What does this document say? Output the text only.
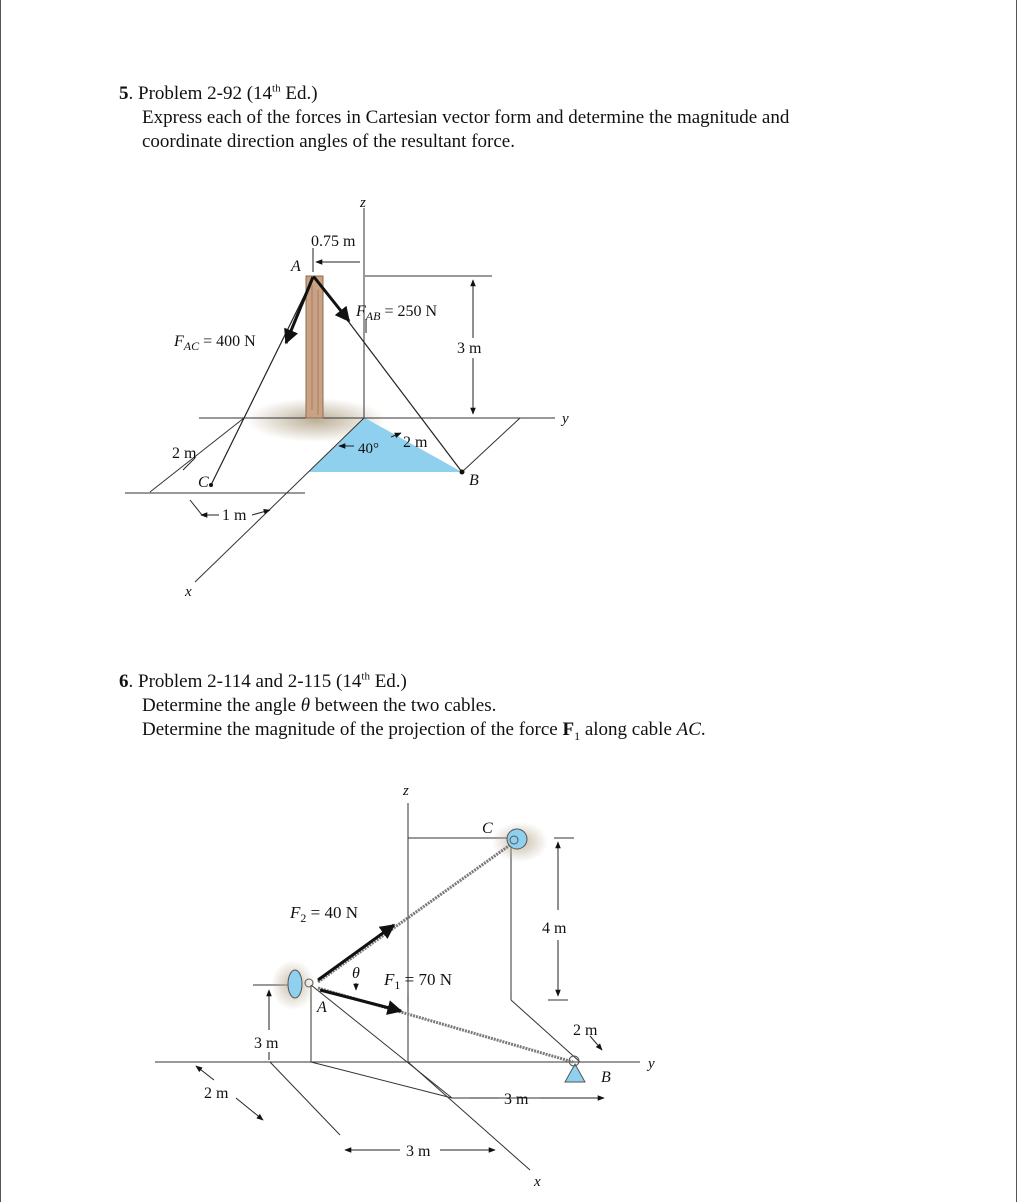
5. Problem 2-92 (14th Ed.)

Express each of the forces in Cartesian vector form and determine the magnitude and

coordinate direction angles of the resultant force.

z
y
x
0.75 m
A
$F_{AB} = 250$ N
$F_{AC} = 400$ N	3 m
2 m	40° 2 m
C	B
1 m

6. Problem 2-114 and 2-115 (14th Ed.)

Determine the angle θ between the two cables.

Determine the magnitude of the projection of the force $F_1$ along cable AC.

z
y
x
C
A
B
$F_2 = 40$ N
$F_1 = 70$ N
θ
4 m
3 m
2 m
2 m
3 m
3 m
